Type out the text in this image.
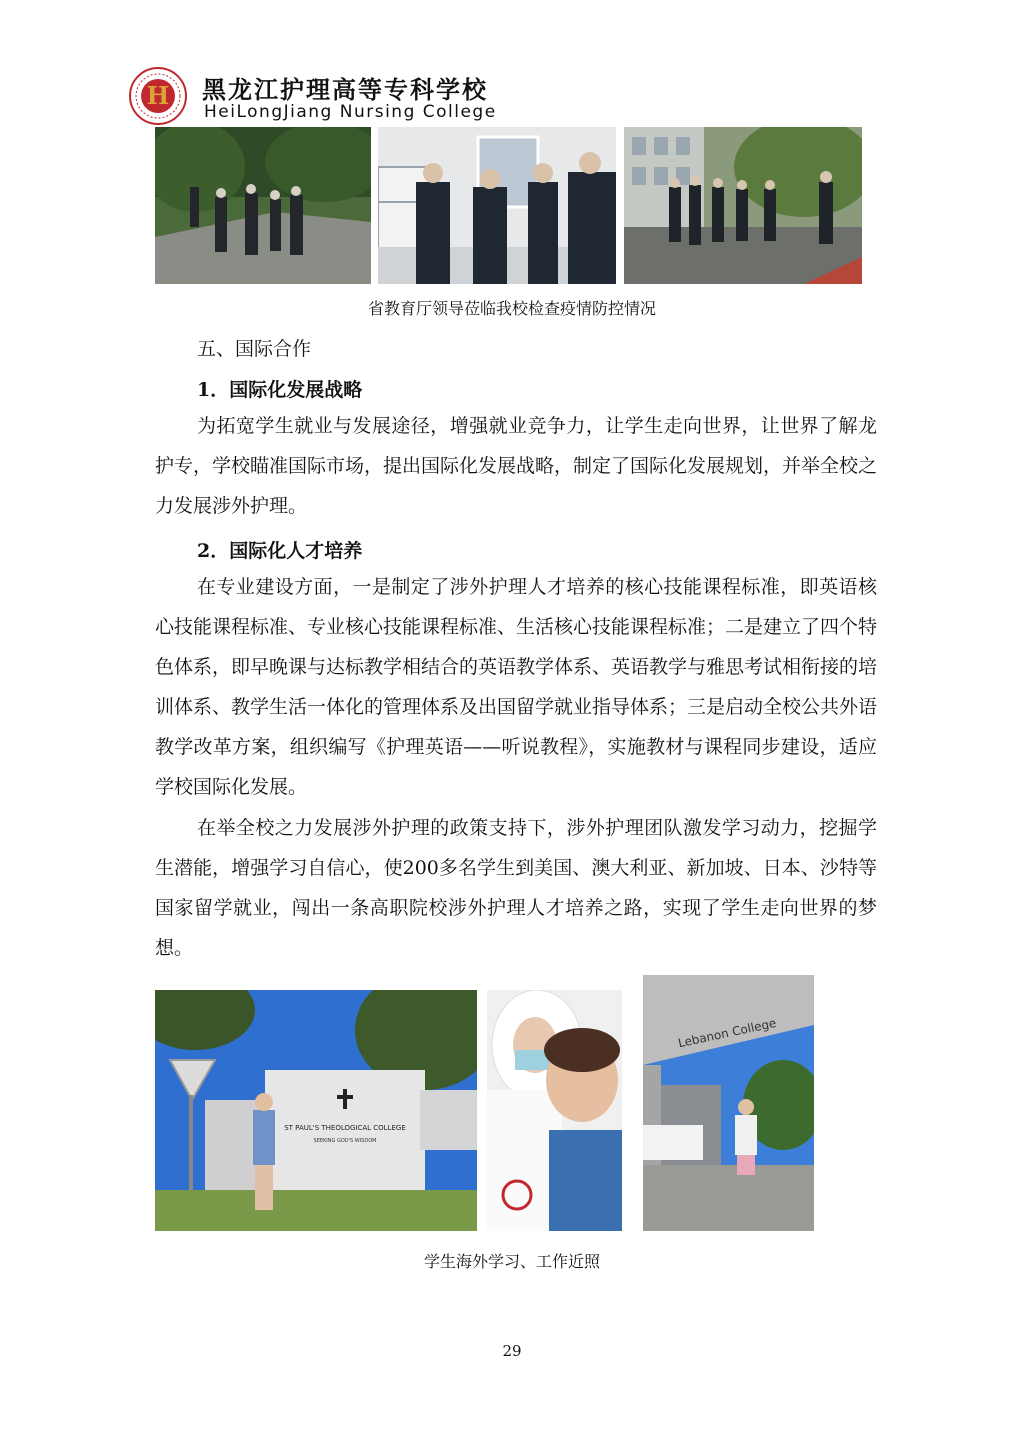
H 黑龙江护理高等专科学校
HeiLongJiang Nursing College
省教育厅领导莅临我校检查疫情防控情况
五、国际合作
1．国际化发展战略

为拓宽学生就业与发展途径，增强就业竞争力，让学生走向世界，让世界了解龙护专，学校瞄准国际市场，提出国际化发展战略，制定了国际化发展规划，并举全校之力发展涉外护理。

2．国际化人才培养

在专业建设方面，一是制定了涉外护理人才培养的核心技能课程标准，即英语核心技能课程标准、专业核心技能课程标准、生活核心技能课程标准；二是建立了四个特色体系，即早晚课与达标教学相结合的英语教学体系、英语教学与雅思考试相衔接的培训体系、教学生活一体化的管理体系及出国留学就业指导体系；三是启动全校公共外语教学改革方案，组织编写《护理英语——听说教程》，实施教材与课程同步建设，适应学校国际化发展。

在举全校之力发展涉外护理的政策支持下，涉外护理团队激发学习动力，挖掘学生潜能，增强学习自信心，使200多名学生到美国、澳大利亚、新加坡、日本、沙特等国家留学就业，闯出一条高职院校涉外护理人才培养之路，实现了学生走向世界的梦想。

ST PAUL'S THEOLOGICAL COLLEGE
SEEKING GOD'S WISDOM
Lebanon College
学生海外学习、工作近照
29
